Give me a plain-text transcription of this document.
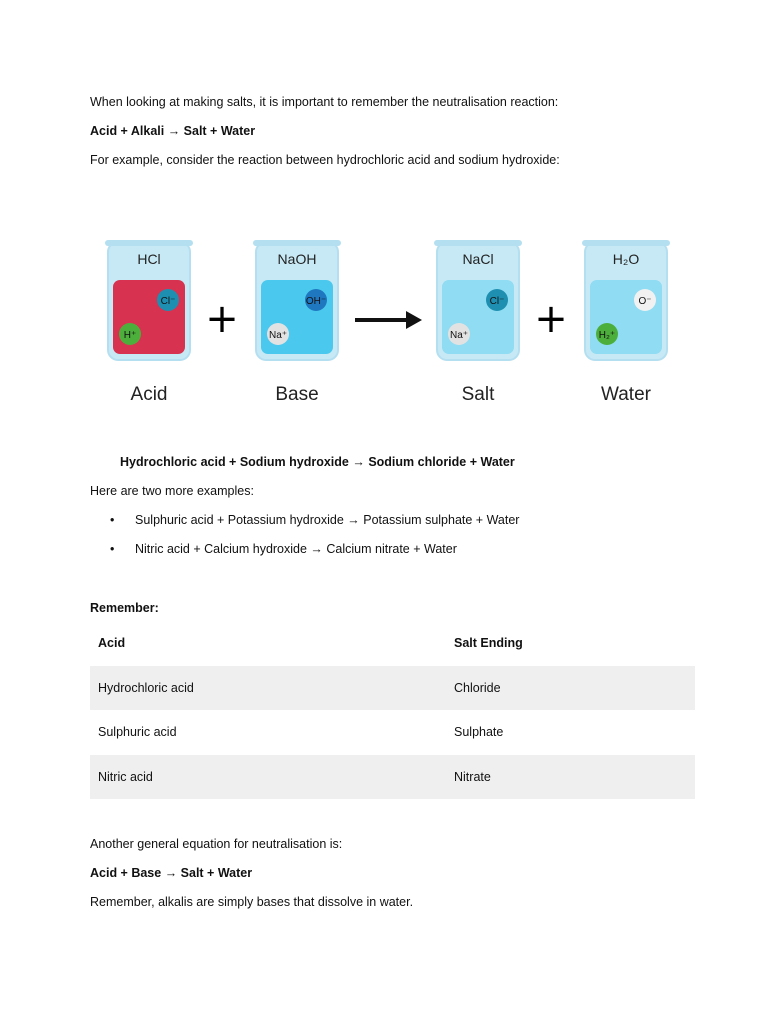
When looking at making salts, it is important to remember the neutralisation reaction:
Acid + Alkali → Salt + Water
For example, consider the reaction between hydrochloric acid and sodium hydroxide:
HCl
Cl⁻
H⁺
Acid
NaOH
OH⁻
Na⁺
Base
NaCl
Cl⁻
Na⁺
Salt
H₂O
O⁻
H₂⁺
Water
+	+
Hydrochloric acid + Sodium hydroxide → Sodium chloride + Water
Here are two more examples:
• Sulphuric acid + Potassium hydroxide → Potassium sulphate + Water
• Nitric acid + Calcium hydroxide → Calcium nitrate + Water
Remember:
Acid	Salt Ending
Hydrochloric acid	Chloride
Sulphuric acid	Sulphate
Nitric acid	Nitrate
Another general equation for neutralisation is:
Acid + Base → Salt + Water
Remember, alkalis are simply bases that dissolve in water.
